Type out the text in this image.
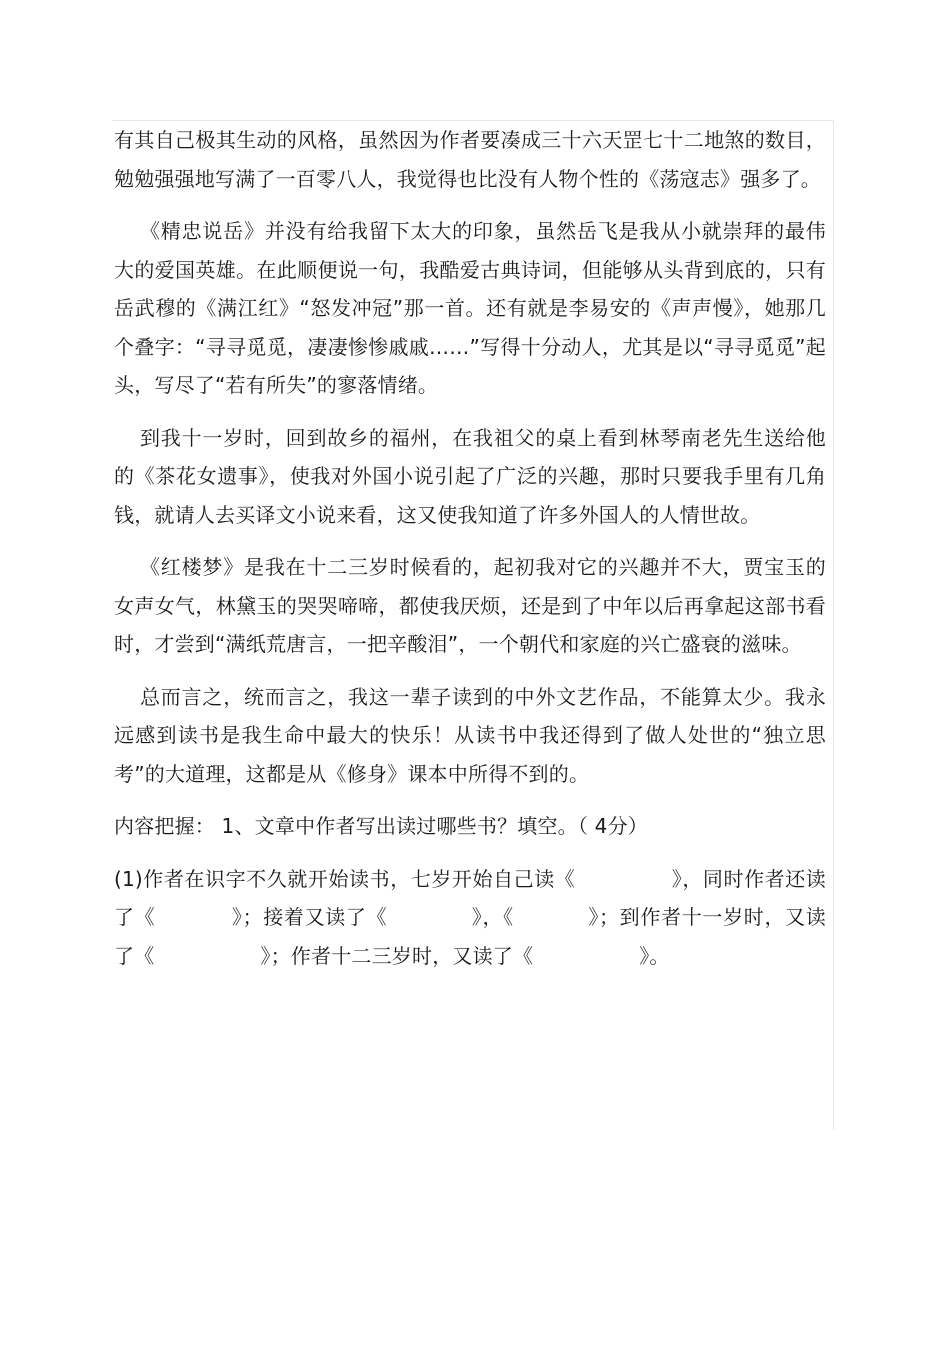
有其自己极其生动的风格，虽然因为作者要凑成三十六天罡七十二地煞的数目，勉勉强强地写满了一百零八人，我觉得也比没有人物个性的《荡寇志》强多了。

《精忠说岳》并没有给我留下太大的印象，虽然岳飞是我从小就崇拜的最伟大的爱国英雄。在此顺便说一句，我酷爱古典诗词，但能够从头背到底的，只有岳武穆的《满江红》“怒发冲冠”那一首。还有就是李易安的《声声慢》，她那几个叠字：“寻寻觅觅，凄凄惨惨戚戚……”写得十分动人，尤其是以“寻寻觅觅”起头，写尽了“若有所失”的寥落情绪。

到我十一岁时，回到故乡的福州，在我祖父的桌上看到林琴南老先生送给他的《茶花女遗事》，使我对外国小说引起了广泛的兴趣，那时只要我手里有几角钱，就请人去买译文小说来看，这又使我知道了许多外国人的人情世故。

《红楼梦》是我在十二三岁时候看的，起初我对它的兴趣并不大，贾宝玉的女声女气，林黛玉的哭哭啼啼，都使我厌烦，还是到了中年以后再拿起这部书看时，才尝到“满纸荒唐言，一把辛酸泪”，一个朝代和家庭的兴亡盛衰的滋味。

总而言之，统而言之，我这一辈子读到的中外文艺作品，不能算太少。我永远感到读书是我生命中最大的快乐！从读书中我还得到了做人处世的“独立思考”的大道理，这都是从《修身》课本中所得不到的。

内容把握： 1、文章中作者写出读过哪些书？填空。（ 4分）

(1)作者在识字不久就开始读书，七岁开始自己读《	》，同时作者还读了《	》；接着又读了《	》，《	》；到作者十一岁时，又读了《	》；作者十二三岁时，又读了《	》。
